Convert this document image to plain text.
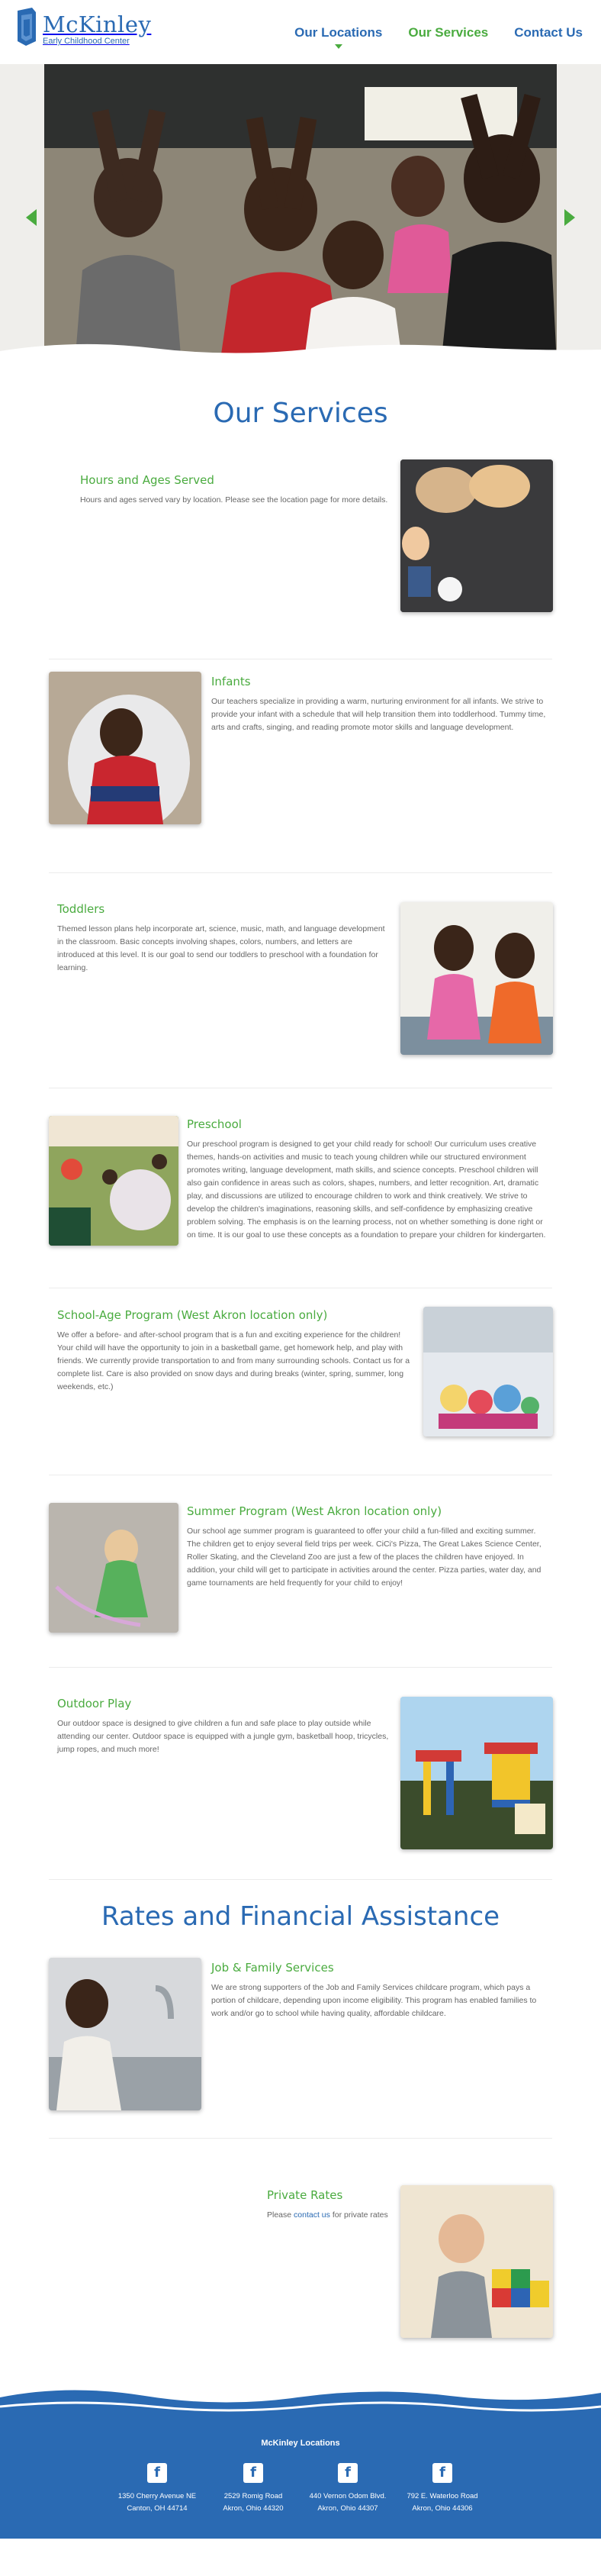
McKinley
Early Childhood Center
Our Locations Our Services Contact Us
Our Services
Hours and Ages Served

Hours and ages served vary by location. Please see the location page for more details.

Infants

Our teachers specialize in providing a warm, nurturing environment for all infants. We strive to provide your infant with a schedule that will help transition them into toddlerhood. Tummy time, arts and crafts, singing, and reading promote motor skills and language development.

Toddlers

Themed lesson plans help incorporate art, science, music, math, and language development in the classroom. Basic concepts involving shapes, colors, numbers, and letters are introduced at this level. It is our goal to send our toddlers to preschool with a foundation for learning.

Preschool

Our preschool program is designed to get your child ready for school! Our curriculum uses creative themes, hands-on activities and music to teach young children while our structured environment promotes writing, language development, math skills, and science concepts. Preschool children will also gain confidence in areas such as colors, shapes, numbers, and letter recognition. Art, dramatic play, and discussions are utilized to encourage children to work and think creatively. We strive to develop the children's imaginations, reasoning skills, and self-confidence by emphasizing creative problem solving. The emphasis is on the learning process, not on whether something is done right or on time. It is our goal to use these concepts as a foundation to prepare your children for kindergarten.

School-Age Program (West Akron location only)

We offer a before- and after-school program that is a fun and exciting experience for the children! Your child will have the opportunity to join in a basketball game, get homework help, and play with friends. We currently provide transportation to and from many surrounding schools. Contact us for a complete list. Care is also provided on snow days and during breaks (winter, spring, summer, long weekends, etc.)

Summer Program (West Akron location only)

Our school age summer program is guaranteed to offer your child a fun-filled and exciting summer. The children get to enjoy several field trips per week. CiCi's Pizza, The Great Lakes Science Center, Roller Skating, and the Cleveland Zoo are just a few of the places the children have enjoyed. In addition, your child will get to participate in activities around the center. Pizza parties, water day, and game tournaments are held frequently for your child to enjoy!

Outdoor Play

Our outdoor space is designed to give children a fun and safe place to play outside while attending our center. Outdoor space is equipped with a jungle gym, basketball hoop, tricycles, jump ropes, and much more!

Rates and Financial Assistance
Job & Family Services

We are strong supporters of the Job and Family Services childcare program, which pays a portion of childcare, depending upon income eligibility. This program has enabled families to work and/or go to school while having quality, affordable childcare.

Private Rates

Please contact us for private rates

McKinley Locations
f
1350 Cherry Avenue NE
Canton, OH 44714
f
2529 Romig Road
Akron, Ohio 44320
f
440 Vernon Odom Blvd.
Akron, Ohio 44307
f
792 E. Waterloo Road
Akron, Ohio 44306
